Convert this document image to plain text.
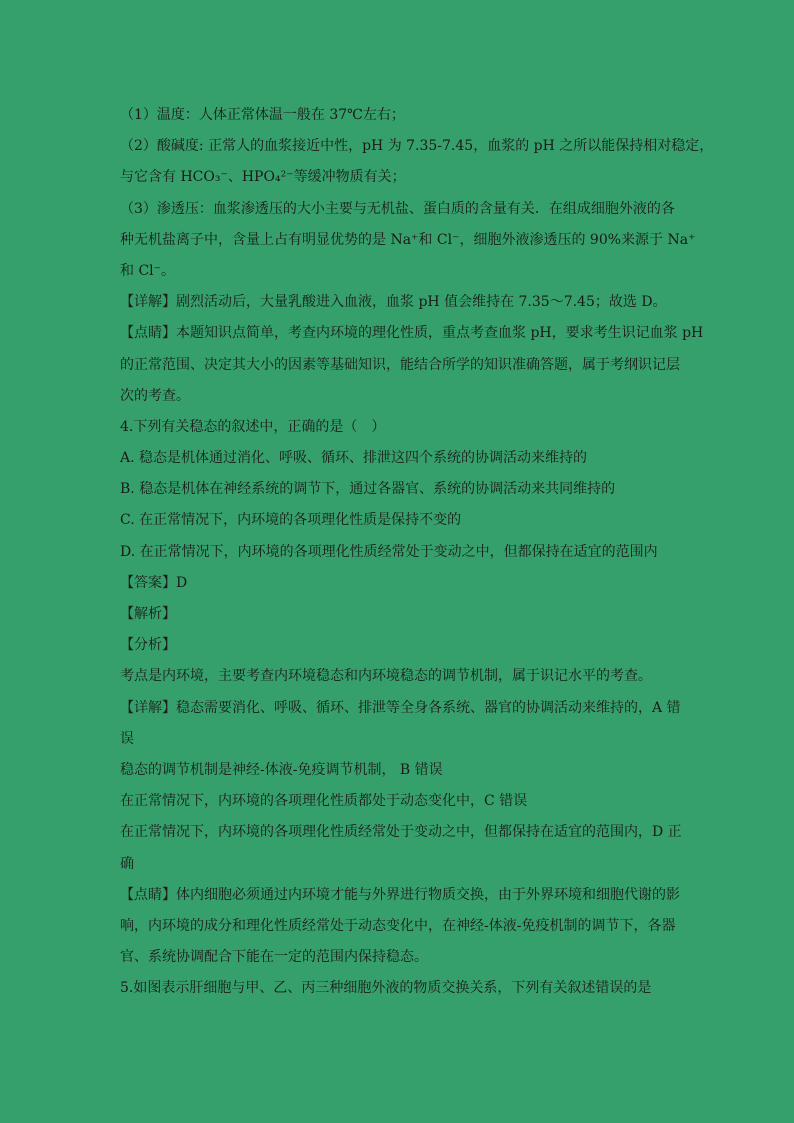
（1）温度：人体正常体温一般在 37℃左右；
（2）酸碱度: 正常人的血浆接近中性，pH 为 7.35-7.45，血浆的 pH 之所以能保持相对稳定，
与它含有 HCO₃⁻、HPO₄²⁻等缓冲物质有关；
（3）渗透压：血浆渗透压的大小主要与无机盐、蛋白质的含量有关．在组成细胞外液的各
种无机盐离子中，含量上占有明显优势的是 Na⁺和 Cl⁻，细胞外液渗透压的 90%来源于 Na⁺
和 Cl⁻。
【详解】剧烈活动后，大量乳酸进入血液，血浆 pH 值会维持在 7.35～7.45；故选 D。
【点睛】本题知识点简单，考查内环境的理化性质，重点考查血浆 pH，要求考生识记血浆 pH
的正常范围、决定其大小的因素等基础知识，能结合所学的知识准确答题，属于考纲识记层
次的考查。
4.下列有关稳态的叙述中，正确的是（　）
A. 稳态是机体通过消化、呼吸、循环、排泄这四个系统的协调活动来维持的
B. 稳态是机体在神经系统的调节下，通过各器官、系统的协调活动来共同维持的
C. 在正常情况下，内环境的各项理化性质是保持不变的
D. 在正常情况下，内环境的各项理化性质经常处于变动之中，但都保持在适宜的范围内
【答案】D
【解析】
【分析】
考点是内环境，主要考查内环境稳态和内环境稳态的调节机制，属于识记水平的考查。
【详解】稳态需要消化、呼吸、循环、排泄等全身各系统、器官的协调活动来维持的，A 错
误
稳态的调节机制是神经-体液-免疫调节机制， B 错误
在正常情况下，内环境的各项理化性质都处于动态变化中，C 错误
在正常情况下，内环境的各项理化性质经常处于变动之中，但都保持在适宜的范围内，D 正
确
【点睛】体内细胞必须通过内环境才能与外界进行物质交换，由于外界环境和细胞代谢的影
响，内环境的成分和理化性质经常处于动态变化中，在神经-体液-免疫机制的调节下，各器
官、系统协调配合下能在一定的范围内保持稳态。
5.如图表示肝细胞与甲、乙、丙三种细胞外液的物质交换关系，下列有关叙述错误的是
